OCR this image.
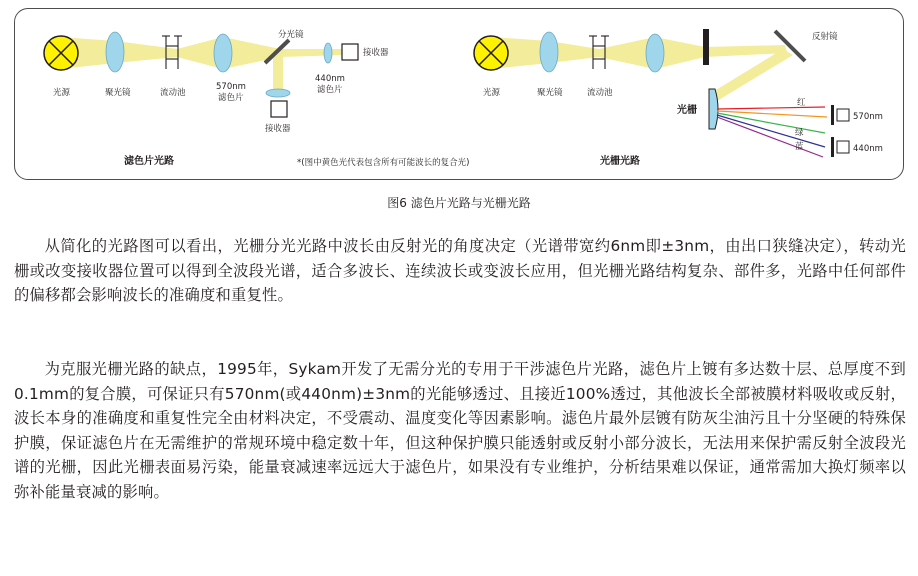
光源	聚光镜	流动池
分光镜
570nm
滤色片
440nm
滤色片
接收器
接收器
滤色片光路	*(图中黄色光代表包含所有可能波长的复合光)
光源	聚光镜	流动池
反射镜
光栅
红
绿
蓝
570nm
440nm
光栅光路
图6 滤色片光路与光栅光路

从简化的光路图可以看出，光栅分光光路中波长由反射光的角度决定（光谱带宽约6nm即±3nm，由出口狭缝决定），转动光栅或改变接收器位置可以得到全波段光谱，适合多波长、连续波长或变波长应用，但光栅光路结构复杂、部件多，光路中任何部件的偏移都会影响波长的准确度和重复性。

为克服光栅光路的缺点，1995年，Sykam开发了无需分光的专用于干涉滤色片光路，滤色片上镀有多达数十层、总厚度不到0.1mm的复合膜，可保证只有570nm(或440nm)±3nm的光能够透过、且接近100%透过，其他波长全部被膜材料吸收或反射，波长本身的准确度和重复性完全由材料决定，不受震动、温度变化等因素影响。滤色片最外层镀有防灰尘油污且十分坚硬的特殊保护膜，保证滤色片在无需维护的常规环境中稳定数十年，但这种保护膜只能透射或反射小部分波长，无法用来保护需反射全波段光谱的光栅，因此光栅表面易污染，能量衰减速率远远大于滤色片，如果没有专业维护，分析结果难以保证，通常需加大换灯频率以弥补能量衰减的影响。
